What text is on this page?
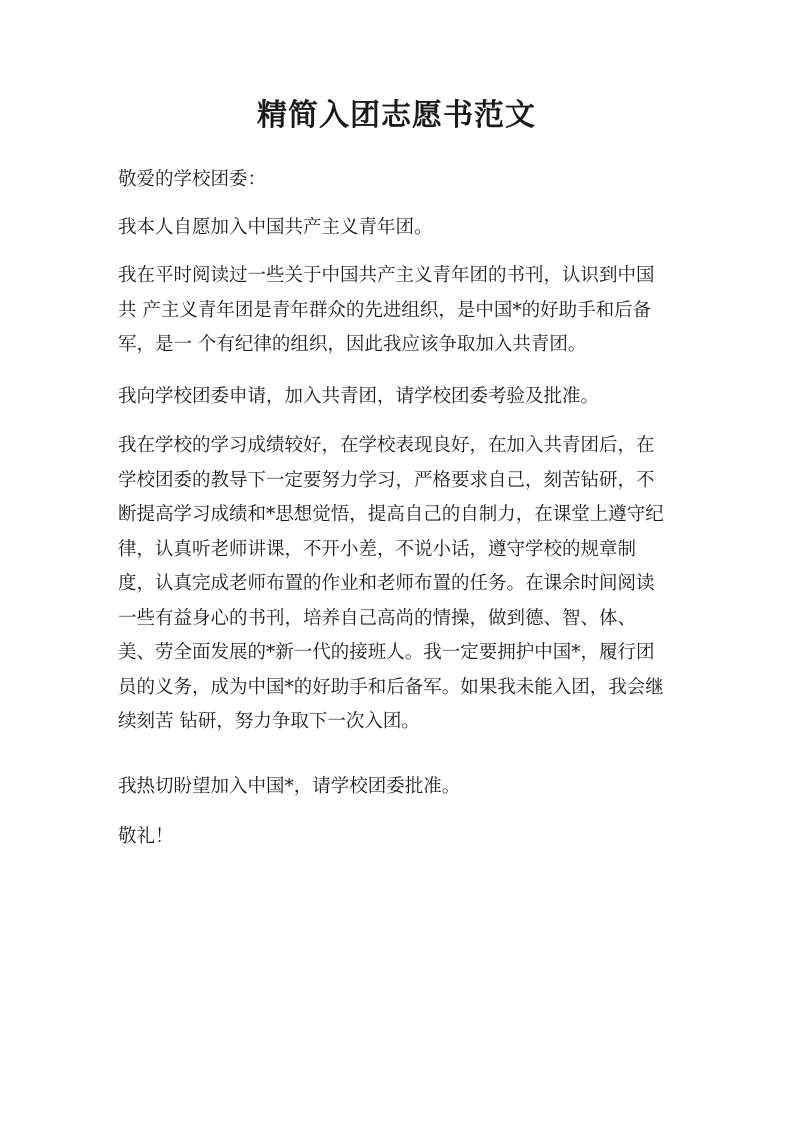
精简入团志愿书范文

敬爱的学校团委：

我本人自愿加入中国共产主义青年团。

我在平时阅读过一些关于中国共产主义青年团的书刊，认识到中国
共 产主义青年团是青年群众的先进组织，是中国*的好助手和后备
军，是一 个有纪律的组织，因此我应该争取加入共青团。

我向学校团委申请，加入共青团，请学校团委考验及批准。

我在学校的学习成绩较好，在学校表现良好，在加入共青团后，在
学校团委的教导下一定要努力学习，严格要求自己，刻苦钻研，不
断提高学习成绩和*思想觉悟，提高自己的自制力，在课堂上遵守纪
律，认真听老师讲课，不开小差，不说小话，遵守学校的规章制
度，认真完成老师布置的作业和老师布置的任务。在课余时间阅读
一些有益身心的书刊，培养自己高尚的情操，做到德、智、体、
美、劳全面发展的*新一代的接班人。我一定要拥护中国*，履行团
员的义务，成为中国*的好助手和后备军。如果我未能入团，我会继
续刻苦 钻研，努力争取下一次入团。

我热切盼望加入中国*，请学校团委批准。

敬礼！
